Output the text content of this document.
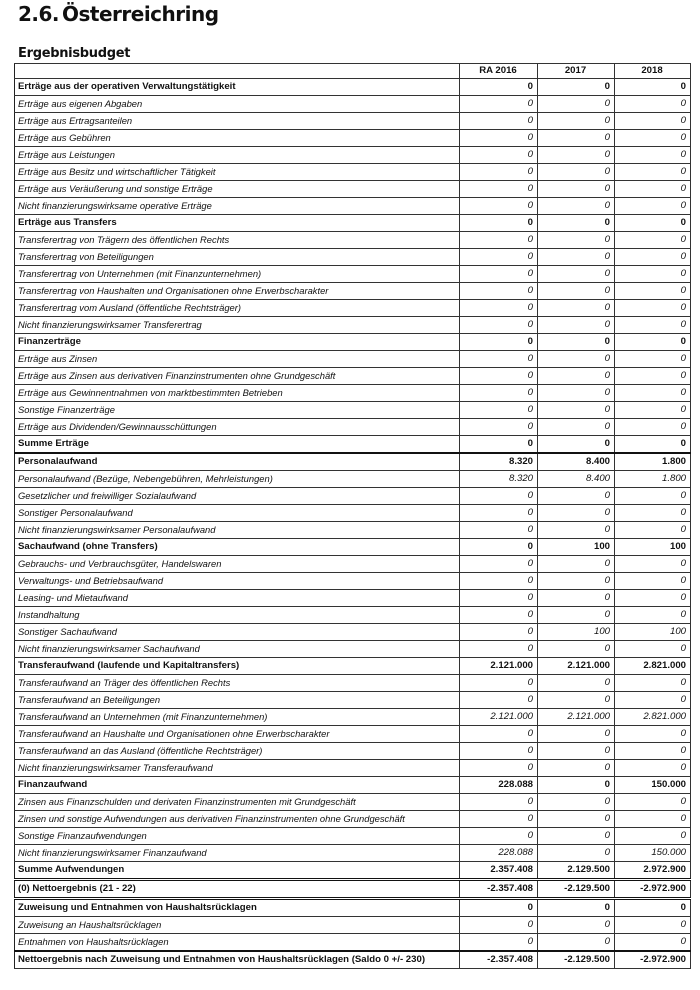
2.6. Österreichring
Ergebnisbudget
	RA 2016	2017	2018
Erträge aus der operativen Verwaltungstätigkeit	0	0	0
Erträge aus eigenen Abgaben	0	0	0
Erträge aus Ertragsanteilen	0	0	0
Erträge aus Gebühren	0	0	0
Erträge aus Leistungen	0	0	0
Erträge aus Besitz und wirtschaftlicher Tätigkeit	0	0	0
Erträge aus Veräußerung und sonstige Erträge	0	0	0
Nicht finanzierungswirksame operative Erträge	0	0	0
Erträge aus Transfers	0	0	0
Transferertrag von Trägern des öffentlichen Rechts	0	0	0
Transferertrag von Beteiligungen	0	0	0
Transferertrag von Unternehmen (mit Finanzunternehmen)	0	0	0
Transferertrag von Haushalten und Organisationen ohne Erwerbscharakter	0	0	0
Transferertrag vom Ausland (öffentliche Rechtsträger)	0	0	0
Nicht finanzierungswirksamer Transferertrag	0	0	0
Finanzerträge	0	0	0
Erträge aus Zinsen	0	0	0
Erträge aus Zinsen aus derivativen Finanzinstrumenten ohne Grundgeschäft	0	0	0
Erträge aus Gewinnentnahmen von marktbestimmten Betrieben	0	0	0
Sonstige Finanzerträge	0	0	0
Erträge aus Dividenden/Gewinnausschüttungen	0	0	0
Summe Erträge	0	0	0
Personalaufwand	8.320	8.400	1.800
Personalaufwand (Bezüge, Nebengebühren, Mehrleistungen)	8.320	8.400	1.800
Gesetzlicher und freiwilliger Sozialaufwand	0	0	0
Sonstiger Personalaufwand	0	0	0
Nicht finanzierungswirksamer Personalaufwand	0	0	0
Sachaufwand (ohne Transfers)	0	100	100
Gebrauchs- und Verbrauchsgüter, Handelswaren	0	0	0
Verwaltungs- und Betriebsaufwand	0	0	0
Leasing- und Mietaufwand	0	0	0
Instandhaltung	0	0	0
Sonstiger Sachaufwand	0	100	100
Nicht finanzierungswirksamer Sachaufwand	0	0	0
Transferaufwand (laufende und Kapitaltransfers)	2.121.000	2.121.000	2.821.000
Transferaufwand an Träger des öffentlichen Rechts	0	0	0
Transferaufwand an Beteiligungen	0	0	0
Transferaufwand an Unternehmen (mit Finanzunternehmen)	2.121.000	2.121.000	2.821.000
Transferaufwand an Haushalte und Organisationen ohne Erwerbscharakter	0	0	0
Transferaufwand an das Ausland (öffentliche Rechtsträger)	0	0	0
Nicht finanzierungswirksamer Transferaufwand	0	0	0
Finanzaufwand	228.088	0	150.000
Zinsen aus Finanzschulden und derivaten Finanzinstrumenten mit Grundgeschäft	0	0	0
Zinsen und sonstige Aufwendungen aus derivativen Finanzinstrumenten ohne Grundgeschäft	0	0	0
Sonstige Finanzaufwendungen	0	0	0
Nicht finanzierungswirksamer Finanzaufwand	228.088	0	150.000
Summe Aufwendungen	2.357.408	2.129.500	2.972.900
(0) Nettoergebnis (21 - 22)	-2.357.408	-2.129.500	-2.972.900
Zuweisung und Entnahmen von Haushaltsrücklagen	0	0	0
Zuweisung an Haushaltsrücklagen	0	0	0
Entnahmen von Haushaltsrücklagen	0	0	0
Nettoergebnis nach Zuweisung und Entnahmen von Haushaltsrücklagen (Saldo 0 +/- 230)	-2.357.408	-2.129.500	-2.972.900
